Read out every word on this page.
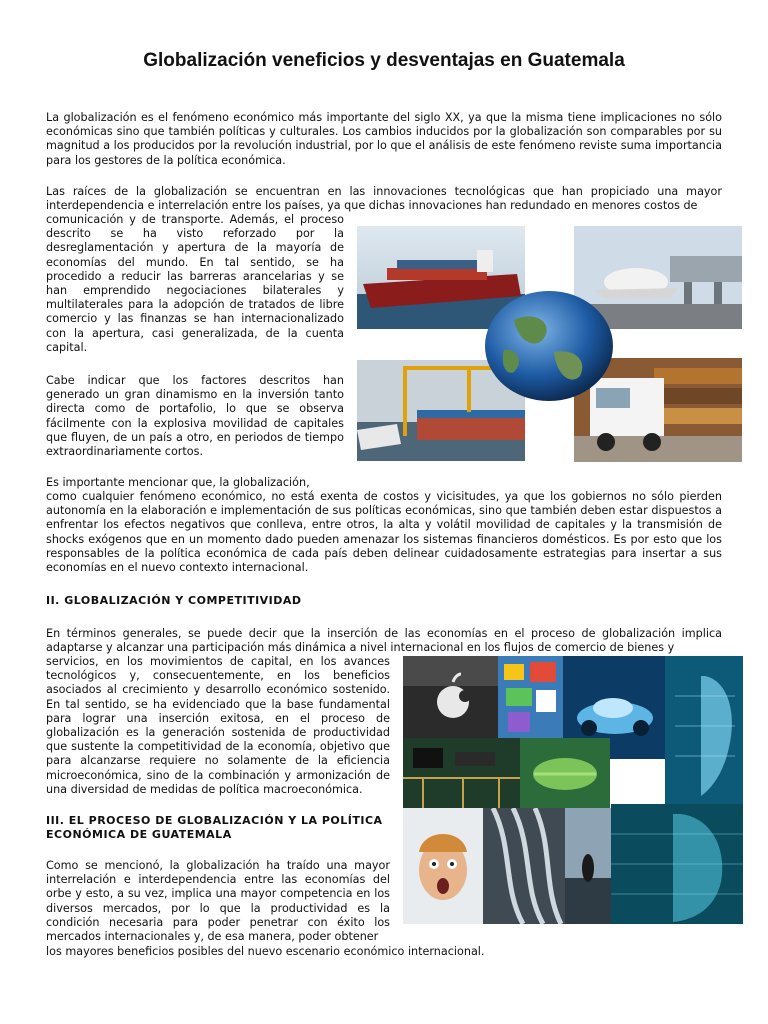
Globalización veneficios y desventajas en Guatemala

La globalización es el fenómeno económico más importante del siglo XX, ya que la misma tiene implicaciones no sólo económicas sino que también políticas y culturales. Los cambios inducidos por la globalización son comparables por su magnitud a los producidos por la revolución industrial, por lo que el análisis de este fenómeno reviste suma importancia para los gestores de la política económica.

Las raíces de la globalización se encuentran en las innovaciones tecnológicas que han propiciado una mayor interdependencia e interrelación entre los países, ya que dichas innovaciones han redundado en menores costos de

comunicación y de transporte. Además, el proceso descrito se ha visto reforzado por la desreglamentación y apertura de la mayoría de economías del mundo. En tal sentido, se ha procedido a reducir las barreras arancelarias y se han emprendido negociaciones bilaterales y multilaterales para la adopción de tratados de libre comercio y las finanzas se han internacionalizado con la apertura, casi generalizada, de la cuenta capital.

Cabe indicar que los factores descritos han generado un gran dinamismo en la inversión tanto directa como de portafolio, lo que se observa fácilmente con la explosiva movilidad de capitales que fluyen, de un país a otro, en periodos de tiempo extraordinariamente cortos.

Es importante mencionar que, la globalización,

como cualquier fenómeno económico, no está exenta de costos y vicisitudes, ya que los gobiernos no sólo pierden autonomía en la elaboración e implementación de sus políticas económicas, sino que también deben estar dispuestos a enfrentar los efectos negativos que conlleva, entre otros, la alta y volátil movilidad de capitales y la transmisión de shocks exógenos que en un momento dado pueden amenazar los sistemas financieros domésticos. Es por esto que los responsables de la política económica de cada país deben delinear cuidadosamente estrategias para insertar a sus economías en el nuevo contexto internacional.

II. GLOBALIZACIÓN Y COMPETITIVIDAD

En términos generales, se puede decir que la inserción de las economías en el proceso de globalización implica adaptarse y alcanzar una participación más dinámica a nivel internacional en los flujos de comercio de bienes y

servicios, en los movimientos de capital, en los avances tecnológicos y, consecuentemente, en los beneficios asociados al crecimiento y desarrollo económico sostenido. En tal sentido, se ha evidenciado que la base fundamental para lograr una inserción exitosa, en el proceso de globalización es la generación sostenida de productividad que sustente la competitividad de la economía, objetivo que para alcanzarse requiere no solamente de la eficiencia microeconómica, sino de la combinación y armonización de una diversidad de medidas de política macroeconómica.

III. EL PROCESO DE GLOBALIZACIÓN Y LA POLÍTICA ECONÓMICA DE GUATEMALA

Como se mencionó, la globalización ha traído una mayor interrelación e interdependencia entre las economías del orbe y esto, a su vez, implica una mayor competencia en los diversos mercados, por lo que la productividad es la condición necesaria para poder penetrar con éxito los mercados internacionales y, de esa manera, poder obtener

los mayores beneficios posibles del nuevo escenario económico internacional.
